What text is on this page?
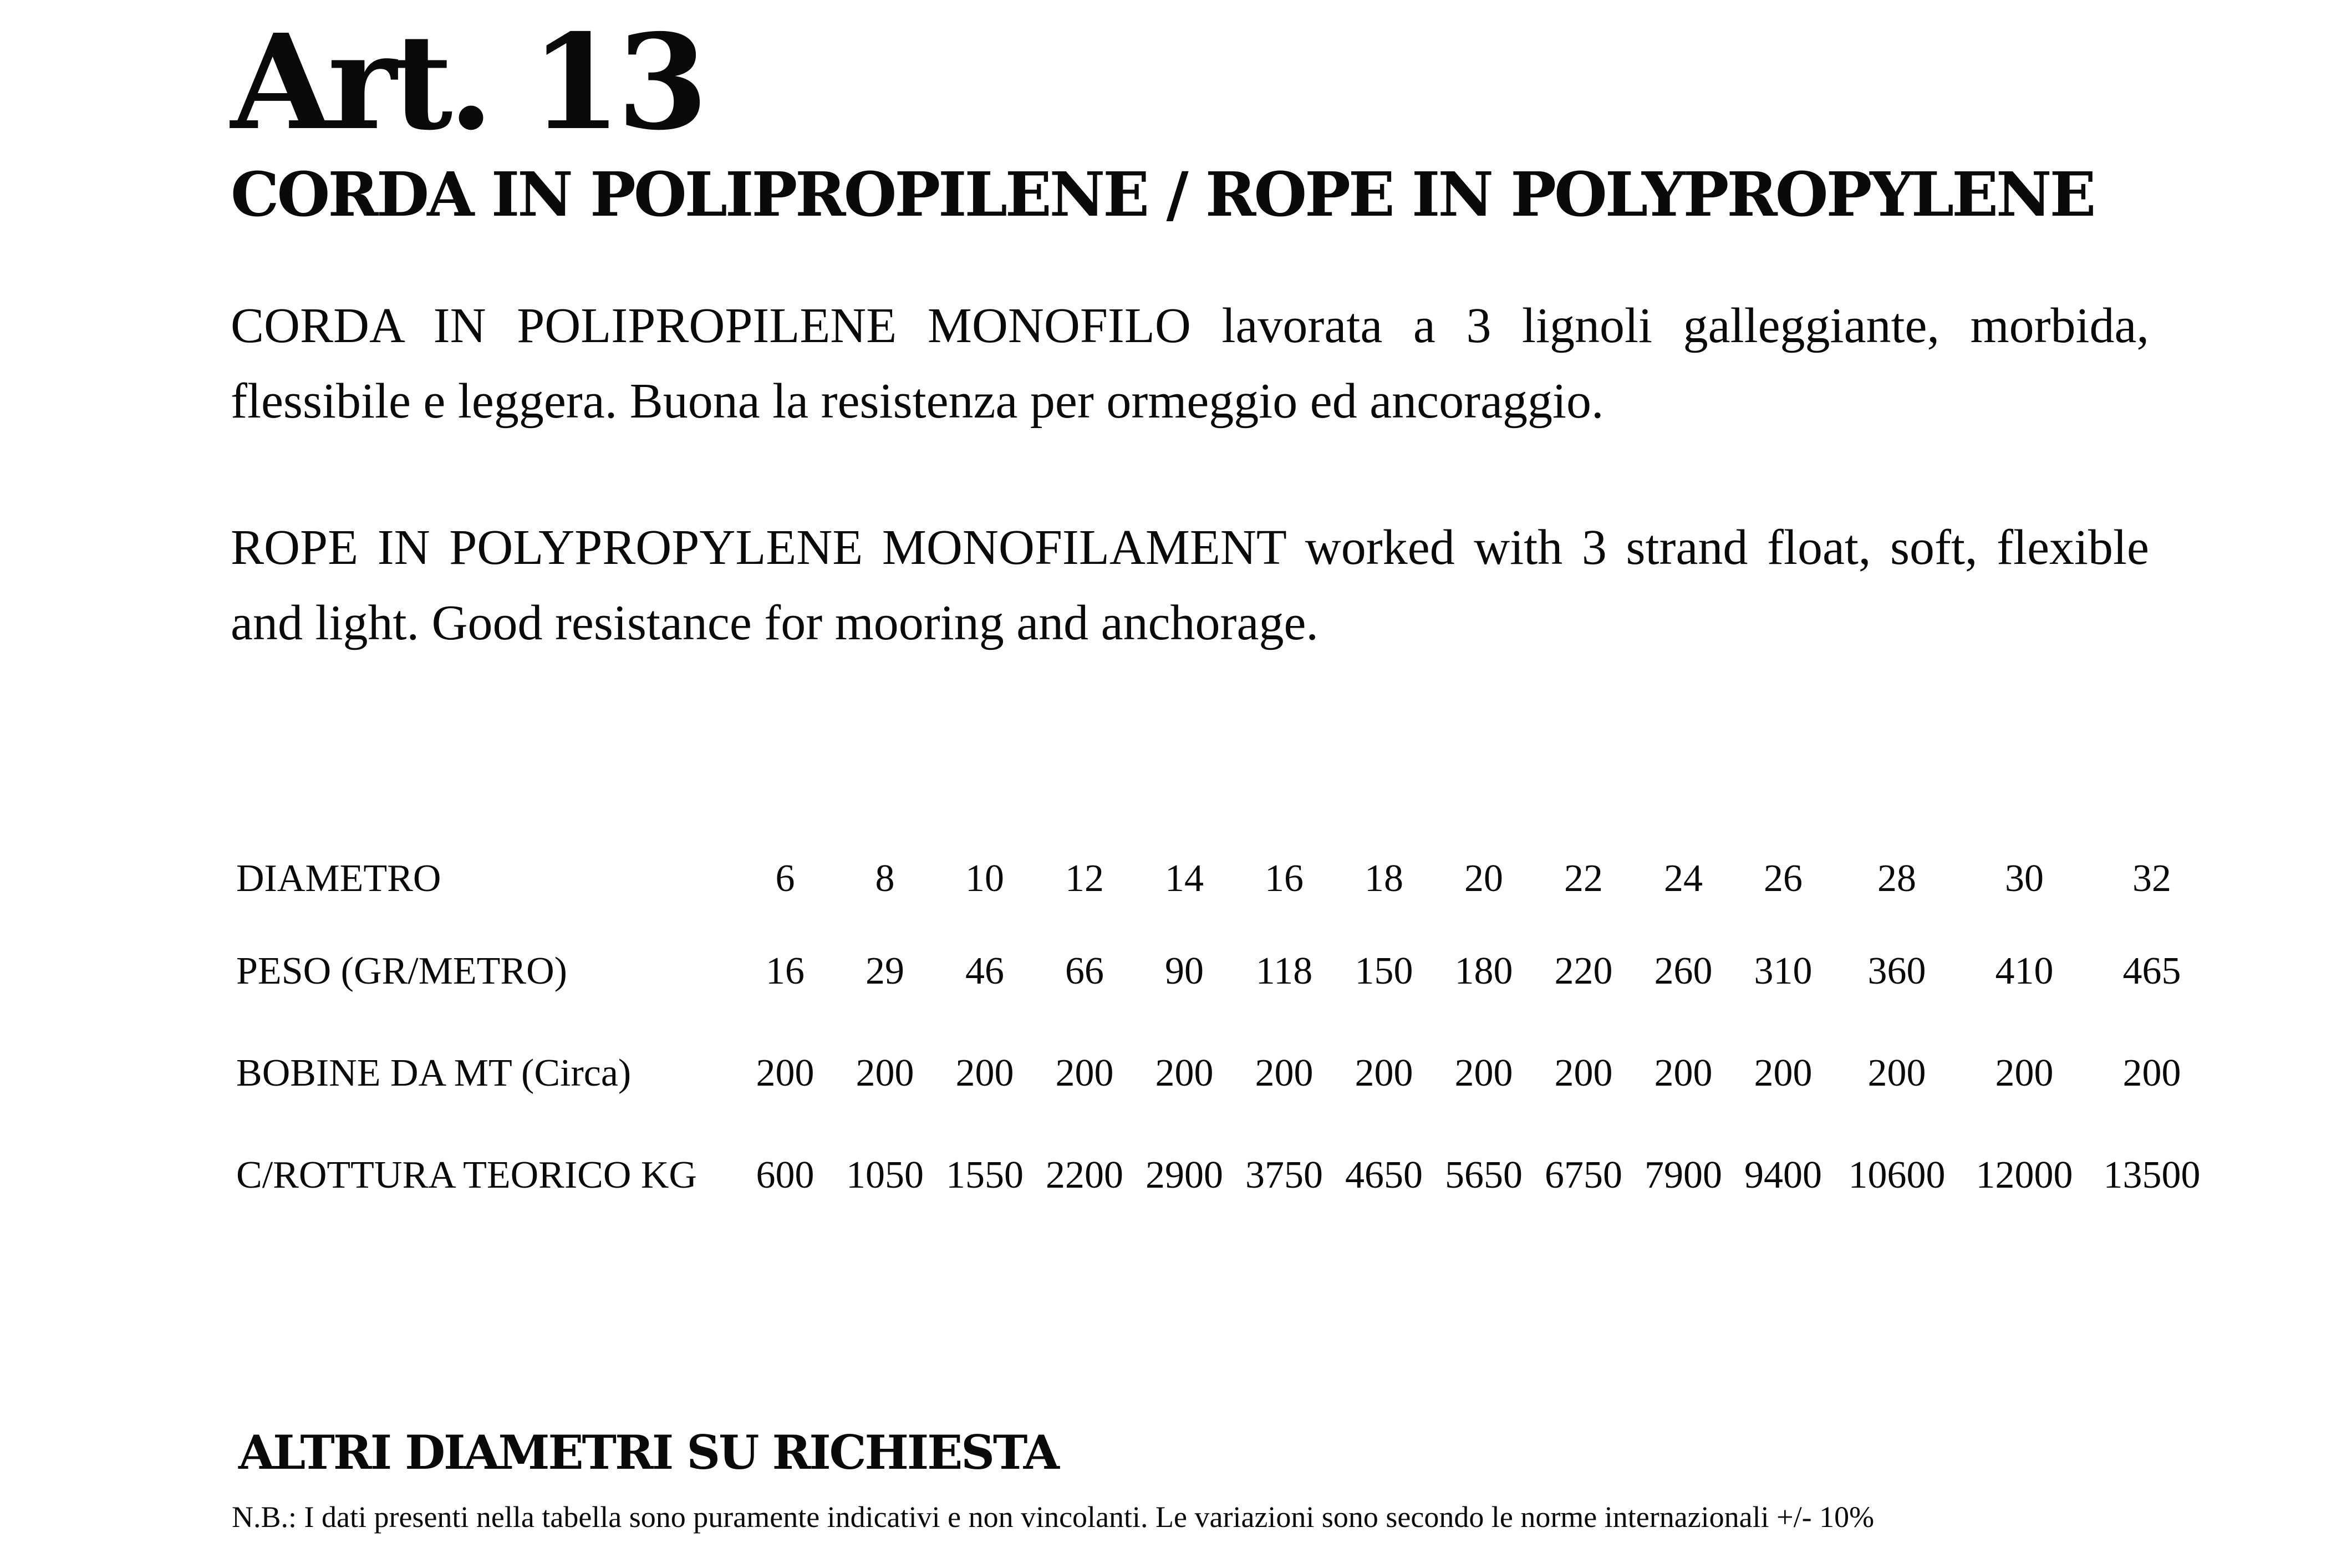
Art. 13
CORDA IN POLIPROPILENE / ROPE IN POLYPROPYLENE

CORDA IN POLIPROPILENE MONOFILO lavorata a 3 lignoli galleggiante, morbida, flessibile e leggera. Buona la resistenza per ormeggio ed ancoraggio.

ROPE IN POLYPROPYLENE MONOFILAMENT worked with 3 strand float, soft, flexible and light. Good resistance for mooring and anchorage.

DIAMETRO	6	8	10	12	14	16	18	20	22	24	26	28	30	32
PESO (GR/METRO)	16	29	46	66	90	118	150	180	220	260	310	360	410	465
BOBINE DA MT (Circa)	200	200	200	200	200	200	200	200	200	200	200	200	200	200
C/ROTTURA TEORICO KG	600	1050	1550	2200	2900	3750	4650	5650	6750	7900	9400	10600	12000	13500

ALTRI DIAMETRI SU RICHIESTA

N.B.: I dati presenti nella tabella sono puramente indicativi e non vincolanti. Le variazioni sono secondo le norme internazionali +/- 10%
